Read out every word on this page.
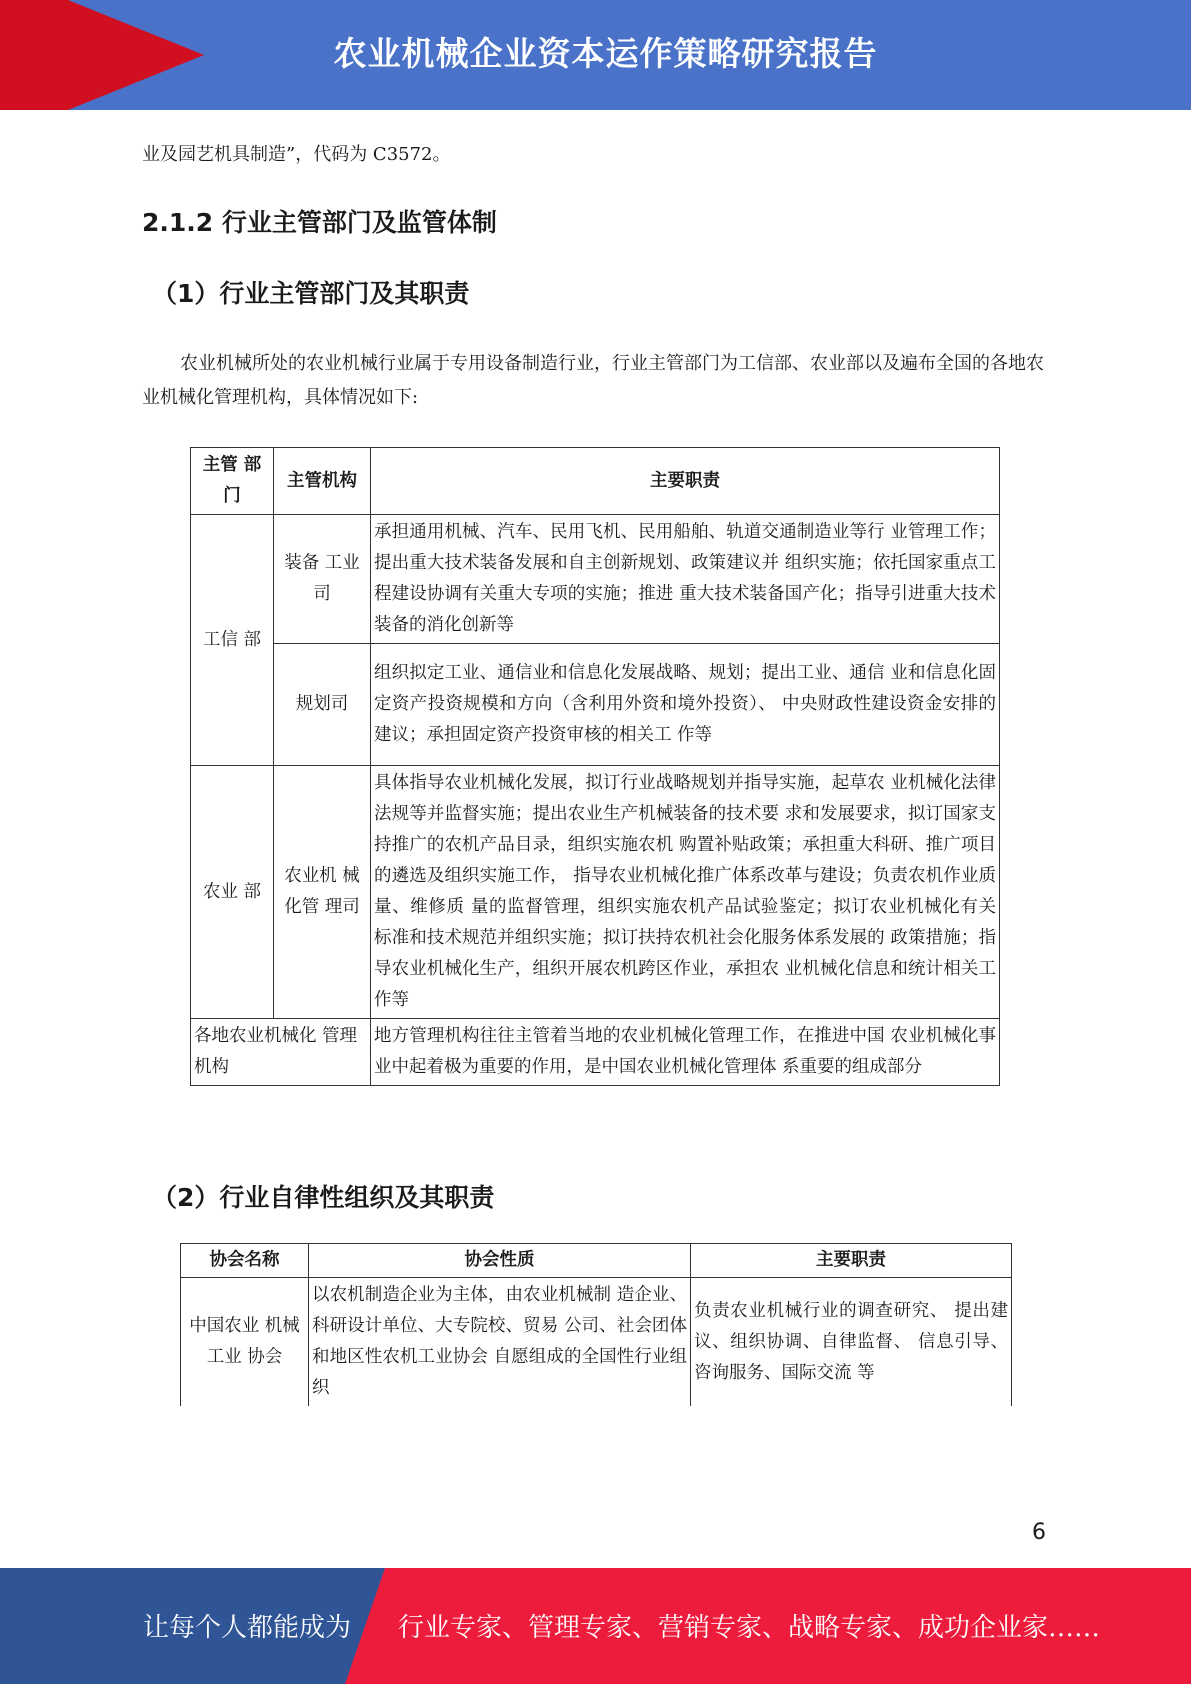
农业机械企业资本运作策略研究报告

业及园艺机具制造”，代码为 C3572。

2.1.2 行业主管部门及监管体制
（1）行业主管部门及其职责

农业机械所处的农业机械行业属于专用设备制造行业，行业主管部门为工信部、农业部以及遍布全国的各地农业机械化管理机构，具体情况如下:

主管 部门	主管机构	主要职责
工信 部	装备 工业司	承担通用机械、汽车、民用飞机、民用船舶、轨道交通制造业等行 业管理工作；提出重大技术装备发展和自主创新规划、政策建议并 组织实施；依托国家重点工程建设协调有关重大专项的实施；推进 重大技术装备国产化；指导引进重大技术装备的消化创新等
	规划司	组织拟定工业、通信业和信息化发展战略、规划；提出工业、通信 业和信息化固定资产投资规模和方向（含利用外资和境外投资）、 中央财政性建设资金安排的建议；承担固定资产投资审核的相关工 作等
农业 部	农业机 械化管 理司	具体指导农业机械化发展，拟订行业战略规划并指导实施，起草农 业机械化法律法规等并监督实施；提出农业生产机械装备的技术要 求和发展要求，拟订国家支持推广的农机产品目录，组织实施农机 购置补贴政策；承担重大科研、推广项目的遴选及组织实施工作， 指导农业机械化推广体系改革与建设；负责农机作业质量、维修质 量的监督管理，组织实施农机产品试验鉴定；拟订农业机械化有关 标准和技术规范并组织实施；拟订扶持农机社会化服务体系发展的 政策措施；指导农业机械化生产，组织开展农机跨区作业，承担农 业机械化信息和统计相关工作等
各地农业机械化 管理机构		地方管理机构往往主管着当地的农业机械化管理工作，在推进中国 农业机械化事业中起着极为重要的作用，是中国农业机械化管理体 系重要的组成部分
（2）行业自律性组织及其职责
协会名称	协会性质	主要职责
中国农业 机械工业 协会	以农机制造企业为主体，由农业机械制 造企业、科研设计单位、大专院校、贸易 公司、社会团体和地区性农机工业协会 自愿组成的全国性行业组织	负责农业机械行业的调查研究、 提出建议、组织协调、自律监督、 信息引导、咨询服务、国际交流 等
6
让每个人都能成为 行业专家、管理专家、营销专家、战略专家、成功企业家……
